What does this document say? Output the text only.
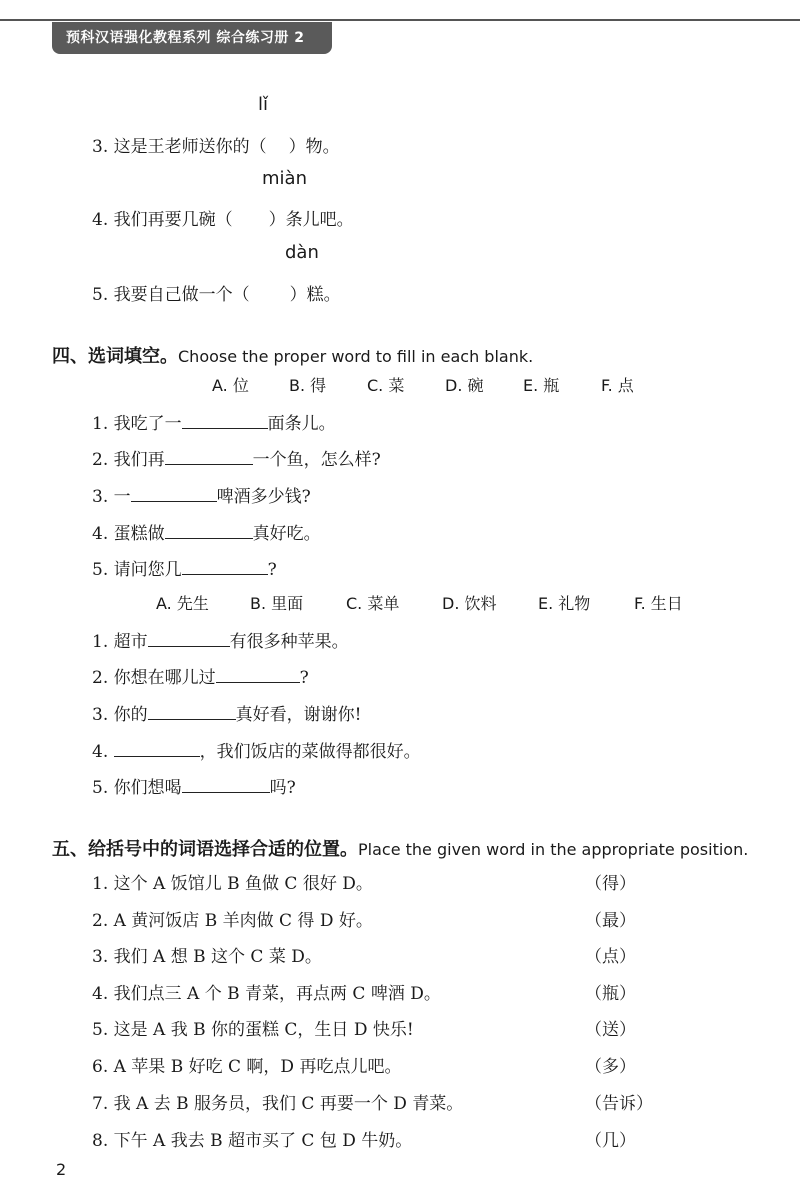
预科汉语强化教程系列 综合练习册 2
lǐ
3. 这是王老师送你的（ ）物。
miàn
4. 我们再要几碗（ ）条儿吧。
dàn
5. 我要自己做一个（ ）糕。
四、选词填空。Choose the proper word to fill in each blank.
A. 位	B. 得	C. 菜	D. 碗 E. 瓶	F. 点
1. 我吃了一	面条儿。
2. 我们再	一个鱼，怎么样?
3. 一	啤酒多少钱?
4. 蛋糕做	真好吃。
5. 请问您几	?
A. 先生	B. 里面	C. 菜单	D. 饮料	E. 礼物	F. 生日
1. 超市	有很多种苹果。
2. 你想在哪儿过	?
3. 你的	真好看，谢谢你!
4.	，我们饭店的菜做得都很好。
5. 你们想喝	吗?
五、给括号中的词语选择合适的位置。Place the given word in the appropriate position.
1. 这个 A 饭馆儿 B 鱼做 C 很好 D。	（得）
2. A 黄河饭店 B 羊肉做 C 得 D 好。	（最）
3. 我们 A 想 B 这个 C 菜 D。	（点）
4. 我们点三 A 个 B 青菜，再点两 C 啤酒 D。	（瓶）
5. 这是 A 我 B 你的蛋糕 C，生日 D 快乐!	（送）
6. A 苹果 B 好吃 C 啊，D 再吃点儿吧。	（多）
7. 我 A 去 B 服务员，我们 C 再要一个 D 青菜。	（告诉）
8. 下午 A 我去 B 超市买了 C 包 D 牛奶。	（几）
2
